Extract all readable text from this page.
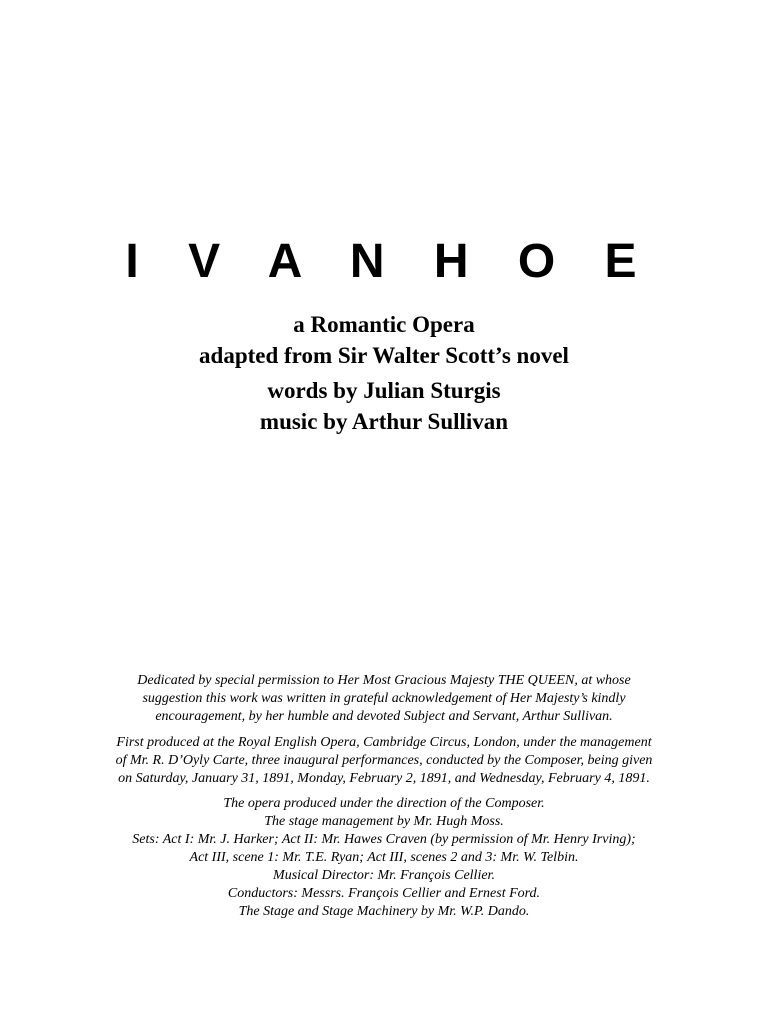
I V A N H O E
a Romantic Opera
adapted from Sir Walter Scott’s novel
words by Julian Sturgis
music by Arthur Sullivan
Dedicated by special permission to Her Most Gracious Majesty THE QUEEN, at whose
suggestion this work was written in grateful acknowledgement of Her Majesty’s kindly
encouragement, by her humble and devoted Subject and Servant, Arthur Sullivan.
First produced at the Royal English Opera, Cambridge Circus, London, under the management
of Mr. R. D’Oyly Carte, three inaugural performances, conducted by the Composer, being given
on Saturday, January 31, 1891, Monday, February 2, 1891, and Wednesday, February 4, 1891.
The opera produced under the direction of the Composer.
The stage management by Mr. Hugh Moss.
Sets: Act I: Mr. J. Harker; Act II: Mr. Hawes Craven (by permission of Mr. Henry Irving);
Act III, scene 1: Mr. T.E. Ryan; Act III, scenes 2 and 3: Mr. W. Telbin.
Musical Director: Mr. François Cellier.
Conductors: Messrs. François Cellier and Ernest Ford.
The Stage and Stage Machinery by Mr. W.P. Dando.
